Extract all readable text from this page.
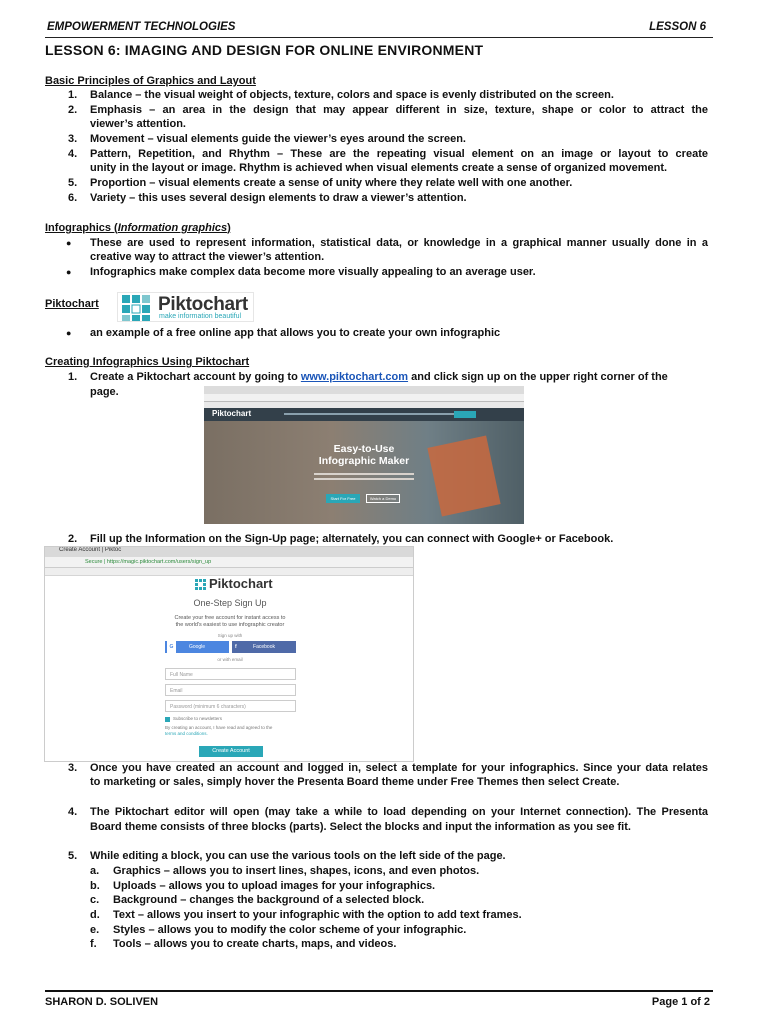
EMPOWERMENT TECHNOLOGIES	LESSON 6
LESSON 6: IMAGING AND DESIGN FOR ONLINE ENVIRONMENT
Basic Principles of Graphics and Layout
1. Balance – the visual weight of objects, texture, colors and space is evenly distributed on the screen.
2. Emphasis – an area in the design that may appear different in size, texture, shape or color to attract the
viewer’s attention.
3. Movement – visual elements guide the viewer’s eyes around the screen.
4. Pattern, Repetition, and Rhythm – These are the repeating visual element on an image or layout to create
unity in the layout or image. Rhythm is achieved when visual elements create a sense of organized movement.
5. Proportion – visual elements create a sense of unity where they relate well with one another.
6. Variety – this uses several design elements to draw a viewer’s attention.
Infographics (Information graphics)
● These are used to represent information, statistical data, or knowledge in a graphical manner usually done in a
creative way to attract the viewer’s attention.
● Infographics make complex data become more visually appealing to an average user.
Piktochart	Piktochart
make information beautiful
● an example of a free online app that allows you to create your own infographic
Creating Infographics Using Piktochart
1. Create a Piktochart account by going to www.piktochart.com and click sign up on the upper right corner of the
page.
Piktochart
Easy-to-Use
Infographic Maker
Start For Free	Watch a Demo
2. Fill up the Information on the Sign-Up page; alternately, you can connect with Google+ or Facebook.
Create Account | Piktoc
Secure | https://magic.piktochart.com/users/sign_up
Piktochart
One-Step Sign Up
Create your free account for instant access to
the world's easiest to use infographic creator
Sign up with
G	Google	f	Facebook
or with email
Full Name
Email
Password (minimum 6 characters)
Subscribe to newsletters
By creating an account, I have read and agreed to the
terms and conditions.
Create Account
3. Once you have created an account and logged in, select a template for your infographics. Since your data relates
to marketing or sales, simply hover the Presenta Board theme under Free Themes then select Create.
4. The Piktochart editor will open (may take a while to load depending on your Internet connection). The Presenta
Board theme consists of three blocks (parts). Select the blocks and input the information as you see fit.
5. While editing a block, you can use the various tools on the left side of the page.
a. Graphics – allows you to insert lines, shapes, icons, and even photos.
b. Uploads – allows you to upload images for your infographics.
c. Background – changes the background of a selected block.
d. Text – allows you insert to your infographic with the option to add text frames.
e. Styles – allows you to modify the color scheme of your infographic.
f. Tools – allows you to create charts, maps, and videos.
SHARON D. SOLIVEN	Page 1 of 2
